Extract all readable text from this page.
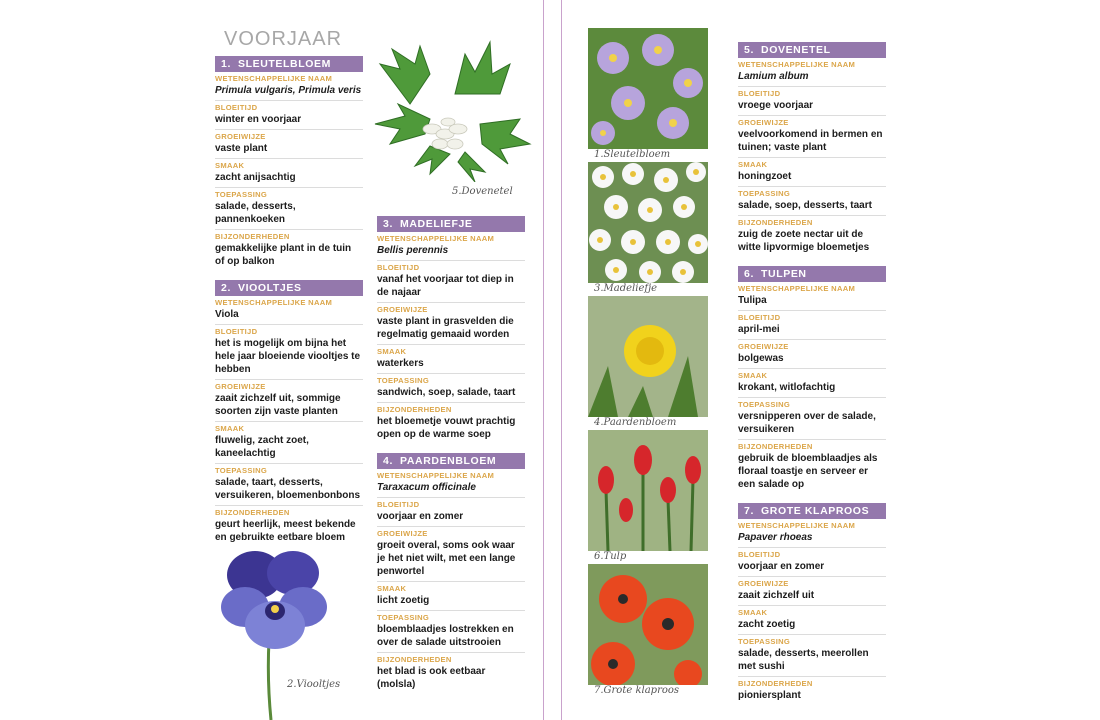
VOORJAAR
1. SLEUTELBLOEM
WETENSCHAPPELIJKE NAAM
Primula vulgaris, Primula veris
BLOEITIJD
winter en voorjaar
GROEIWIJZE
vaste plant
SMAAK
zacht anijsachtig
TOEPASSING
salade, desserts, pannenkoeken
BIJZONDERHEDEN
gemakkelijke plant in de tuin of op balkon
2. VIOOLTJES
WETENSCHAPPELIJKE NAAM
Viola
BLOEITIJD
het is mogelijk om bijna het hele jaar bloeiende viooltjes te hebben
GROEIWIJZE
zaait zichzelf uit, sommige soorten zijn vaste planten
SMAAK
fluwelig, zacht zoet, kaneelachtig
TOEPASSING
salade, taart, desserts, versuikeren, bloemenbonbons
BIJZONDERHEDEN
geurt heerlijk, meest bekende en gebruikte eetbare bloem
5.Dovenetel
3. MADELIEFJE
WETENSCHAPPELIJKE NAAM
Bellis perennis
BLOEITIJD
vanaf het voorjaar tot diep in de najaar
GROEIWIJZE
vaste plant in grasvelden die regelmatig gemaaid worden
SMAAK
waterkers
TOEPASSING
sandwich, soep, salade, taart
BIJZONDERHEDEN
het bloemetje vouwt prachtig open op de warme soep
4. PAARDENBLOEM
WETENSCHAPPELIJKE NAAM
Taraxacum officinale
BLOEITIJD
voorjaar en zomer
GROEIWIJZE
groeit overal, soms ook waar je het niet wilt, met een lange penwortel
SMAAK
licht zoetig
TOEPASSING
bloemblaadjes lostrekken en over de salade uitstrooien
BIJZONDERHEDEN
het blad is ook eetbaar (molsla)
2.Viooltjes
1.Sleutelbloem
3.Madeliefje
4.Paardenbloem
6.Tulp
7.Grote klaproos
5. DOVENETEL
WETENSCHAPPELIJKE NAAM
Lamium album
BLOEITIJD
vroege voorjaar
GROEIWIJZE
veelvoorkomend in bermen en tuinen; vaste plant
SMAAK
honingzoet
TOEPASSING
salade, soep, desserts, taart
BIJZONDERHEDEN
zuig de zoete nectar uit de witte lipvormige bloemetjes
6. TULPEN
WETENSCHAPPELIJKE NAAM
Tulipa
BLOEITIJD
april-mei
GROEIWIJZE
bolgewas
SMAAK
krokant, witlofachtig
TOEPASSING
versnipperen over de salade, versuikeren
BIJZONDERHEDEN
gebruik de bloemblaadjes als floraal toastje en serveer er een salade op
7. GROTE KLAPROOS
WETENSCHAPPELIJKE NAAM
Papaver rhoeas
BLOEITIJD
voorjaar en zomer
GROEIWIJZE
zaait zichzelf uit
SMAAK
zacht zoetig
TOEPASSING
salade, desserts, meerollen met sushi
BIJZONDERHEDEN
pioniersplant
